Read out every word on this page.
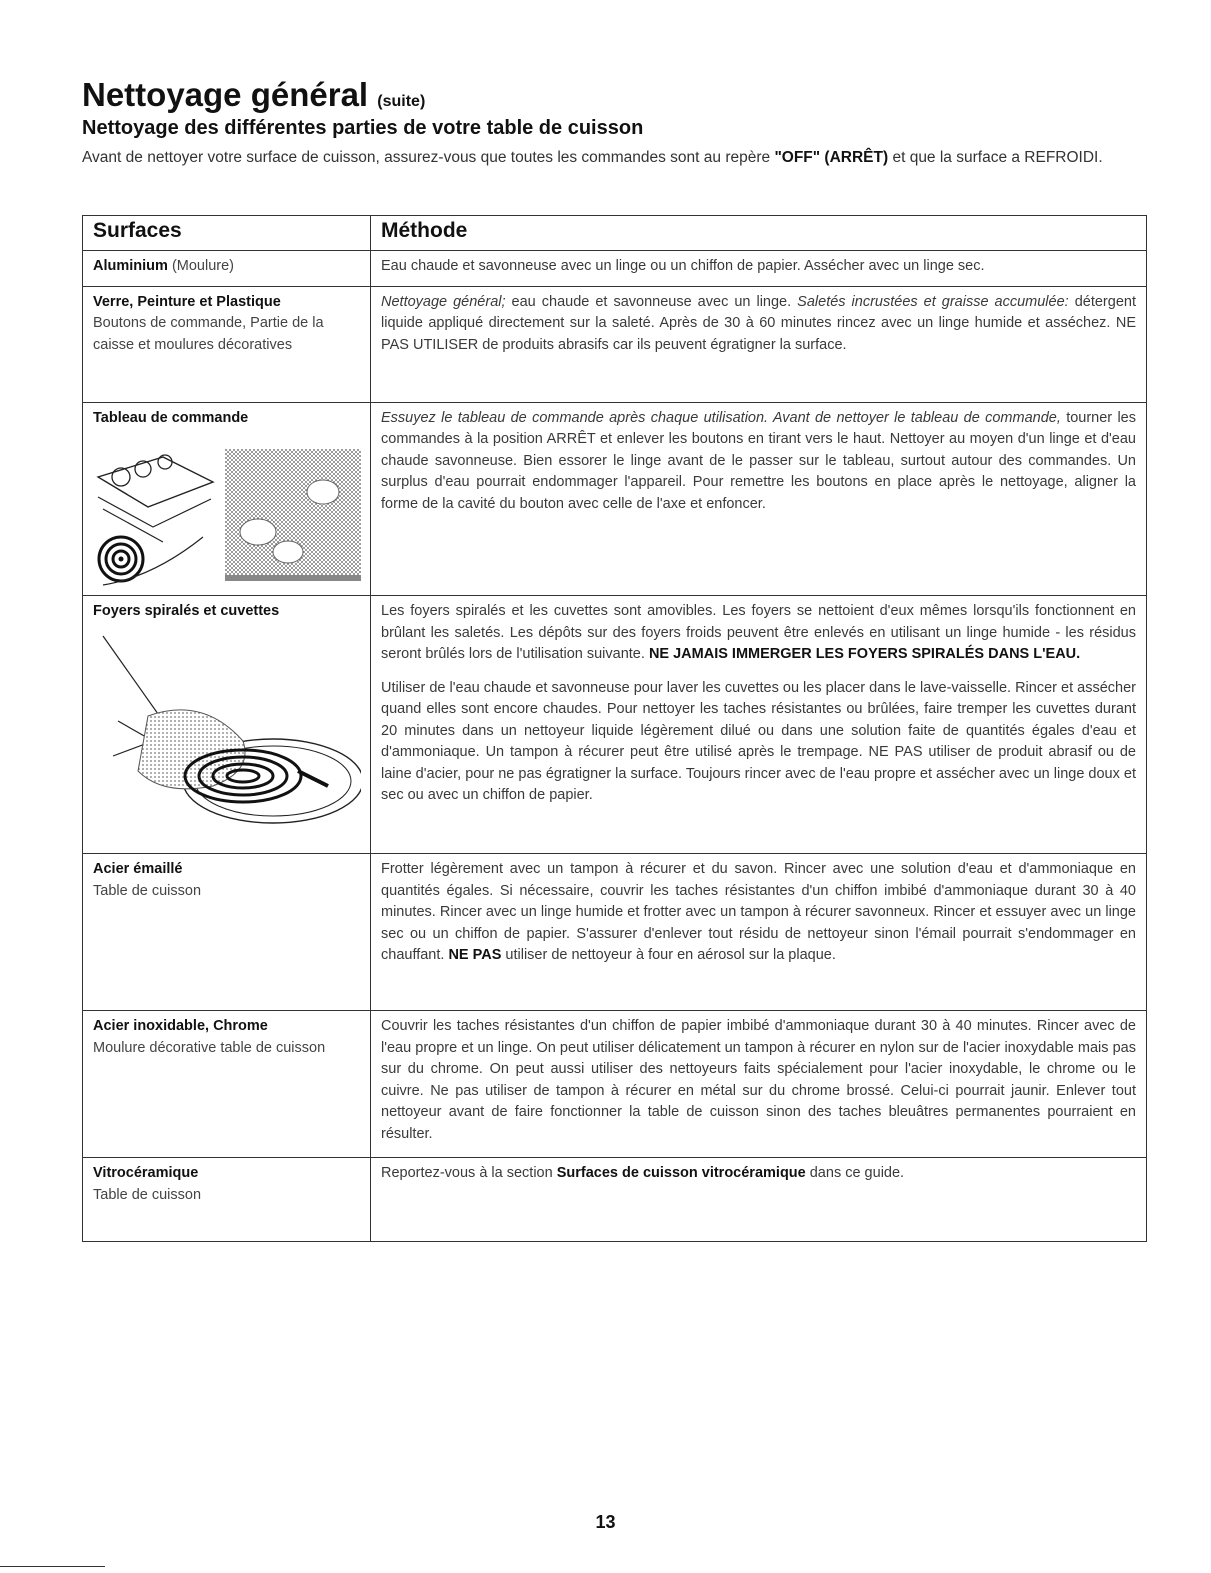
Nettoyage général (suite)
Nettoyage des différentes parties de votre table de cuisson

Avant de nettoyer votre surface de cuisson, assurez-vous que toutes les commandes sont au repère "OFF" (ARRÊT) et que la surface a REFROIDI.

Surfaces	Méthode
Aluminium (Moulure)	Eau chaude et savonneuse avec un linge ou un chiffon de papier. Assécher avec un linge sec.

Verre, Peinture et Plastique
Boutons de commande, Partie de la caisse et moulures décoratives	Nettoyage général; eau chaude et savonneuse avec un linge. Saletés incrustées et graisse accumulée: détergent liquide appliqué directement sur la saleté. Après de 30 à 60 minutes rincez avec un linge humide et asséchez. NE PAS UTILISER de produits abrasifs car ils peuvent égratigner la surface.

Tableau de commande	Essuyez le tableau de commande après chaque utilisation. Avant de nettoyer le tableau de commande, tourner les commandes à la position ARRÊT et enlever les boutons en tirant vers le haut. Nettoyer au moyen d'un linge et d'eau chaude savonneuse. Bien essorer le linge avant de le passer sur le tableau, surtout autour des commandes. Un surplus d'eau pourrait endommager l'appareil. Pour remettre les boutons en place après le nettoyage, aligner la forme de la cavité du bouton avec celle de l'axe et enfoncer.

Foyers spiralés et cuvettes	Les foyers spiralés et les cuvettes sont amovibles. Les foyers se nettoient d'eux mêmes lorsqu'ils fonctionnent en brûlant les saletés. Les dépôts sur des foyers froids peuvent être enlevés en utilisant un linge humide - les résidus seront brûlés lors de l'utilisation suivante. NE JAMAIS IMMERGER LES FOYERS SPIRALÉS DANS L'EAU.

Utiliser de l'eau chaude et savonneuse pour laver les cuvettes ou les placer dans le lave-vaisselle. Rincer et assécher quand elles sont encore chaudes. Pour nettoyer les taches résistantes ou brûlées, faire tremper les cuvettes durant 20 minutes dans un nettoyeur liquide légèrement dilué ou dans une solution faite de quantités égales d'eau et d'ammoniaque. Un tampon à récurer peut être utilisé après le trempage. NE PAS utiliser de produit abrasif ou de laine d'acier, pour ne pas égratigner la surface. Toujours rincer avec de l'eau propre et assécher avec un linge doux et sec ou avec un chiffon de papier.

Acier émaillé
Table de cuisson	Frotter légèrement avec un tampon à récurer et du savon. Rincer avec une solution d'eau et d'ammoniaque en quantités égales. Si nécessaire, couvrir les taches résistantes d'un chiffon imbibé d'ammoniaque durant 30 à 40 minutes. Rincer avec un linge humide et frotter avec un tampon à récurer savonneux. Rincer et essuyer avec un linge sec ou un chiffon de papier. S'assurer d'enlever tout résidu de nettoyeur sinon l'émail pourrait s'endommager en chauffant. NE PAS utiliser de nettoyeur à four en aérosol sur la plaque.

Acier inoxidable, Chrome
Moulure décorative table de cuisson	Couvrir les taches résistantes d'un chiffon de papier imbibé d'ammoniaque durant 30 à 40 minutes. Rincer avec de l'eau propre et un linge. On peut utiliser délicatement un tampon à récurer en nylon sur de l'acier inoxydable mais pas sur du chrome. On peut aussi utiliser des nettoyeurs faits spécialement pour l'acier inoxydable, le chrome ou le cuivre. Ne pas utiliser de tampon à récurer en métal sur du chrome brossé. Celui-ci pourrait jaunir. Enlever tout nettoyeur avant de faire fonctionner la table de cuisson sinon des taches bleuâtres permanentes pourraient en résulter.

Vitrocéramique
Table de cuisson	Reportez-vous à la section Surfaces de cuisson vitrocéramique dans ce guide.
13
